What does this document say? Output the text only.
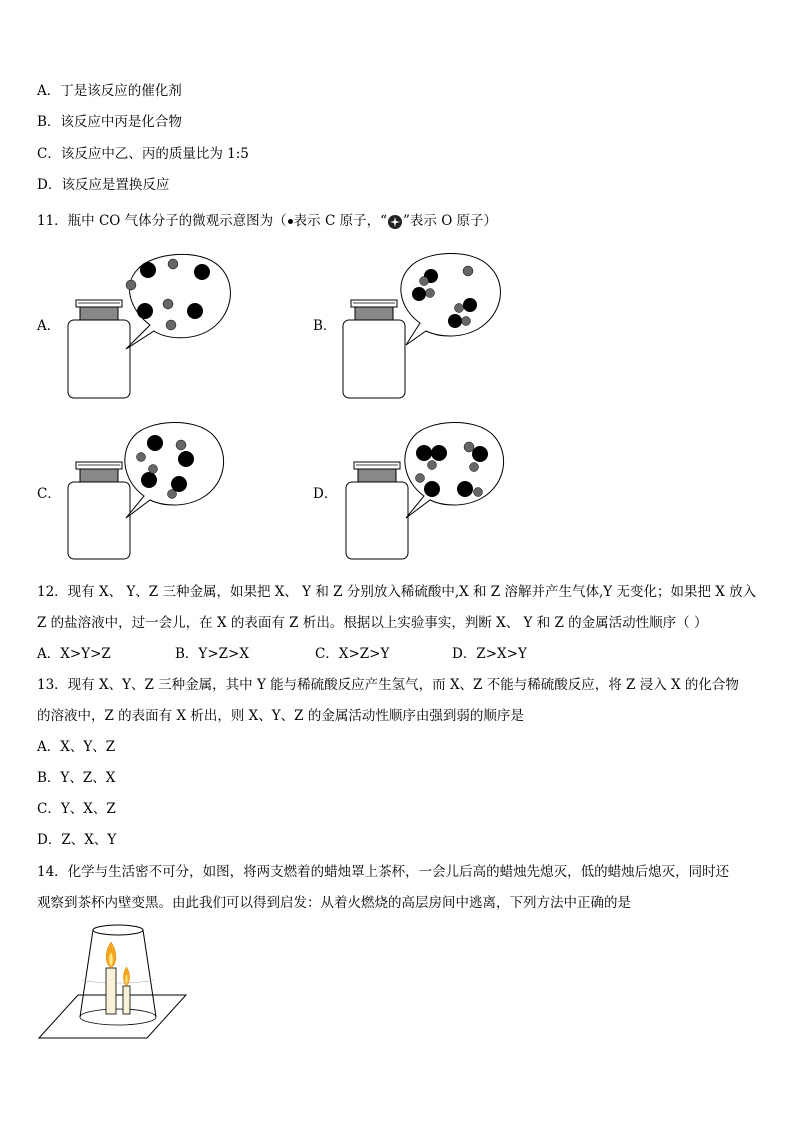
A．丁是该反应的催化剂
B．该反应中丙是化合物
C．该反应中乙、丙的质量比为 1:5
D．该反应是置换反应
11．瓶中 CO 气体分子的微观示意图为（ 表示 C 原子，“ ”表示 O 原子）
A．	B．
C．	D．
12．现有 X、 Y、Z 三种金属，如果把 X、 Y 和 Z 分别放入稀硫酸中,X 和 Z 溶解并产生气体,Y 无变化；如果把 X 放入
Z 的盐溶液中，过一会儿，在 X 的表面有 Z 析出。根据以上实验事实，判断 X、 Y 和 Z 的金属活动性顺序（ ）
A．X>Y>Z	B．Y>Z>X	C．X>Z>Y	D．Z>X>Y
13．现有 X、Y、Z 三种金属，其中 Y 能与稀硫酸反应产生氢气，而 X、Z 不能与稀硫酸反应，将 Z 浸入 X 的化合物
的溶液中，Z 的表面有 X 析出，则 X、Y、Z 的金属活动性顺序由强到弱的顺序是
A．X、Y、Z
B．Y、Z、X
C．Y、X、Z
D．Z、X、Y
14．化学与生活密不可分，如图，将两支燃着的蜡烛罩上茶杯，一会儿后高的蜡烛先熄灭，低的蜡烛后熄灭，同时还
观察到茶杯内壁变黑。由此我们可以得到启发：从着火燃烧的高层房间中逃离，下列方法中正确的是
